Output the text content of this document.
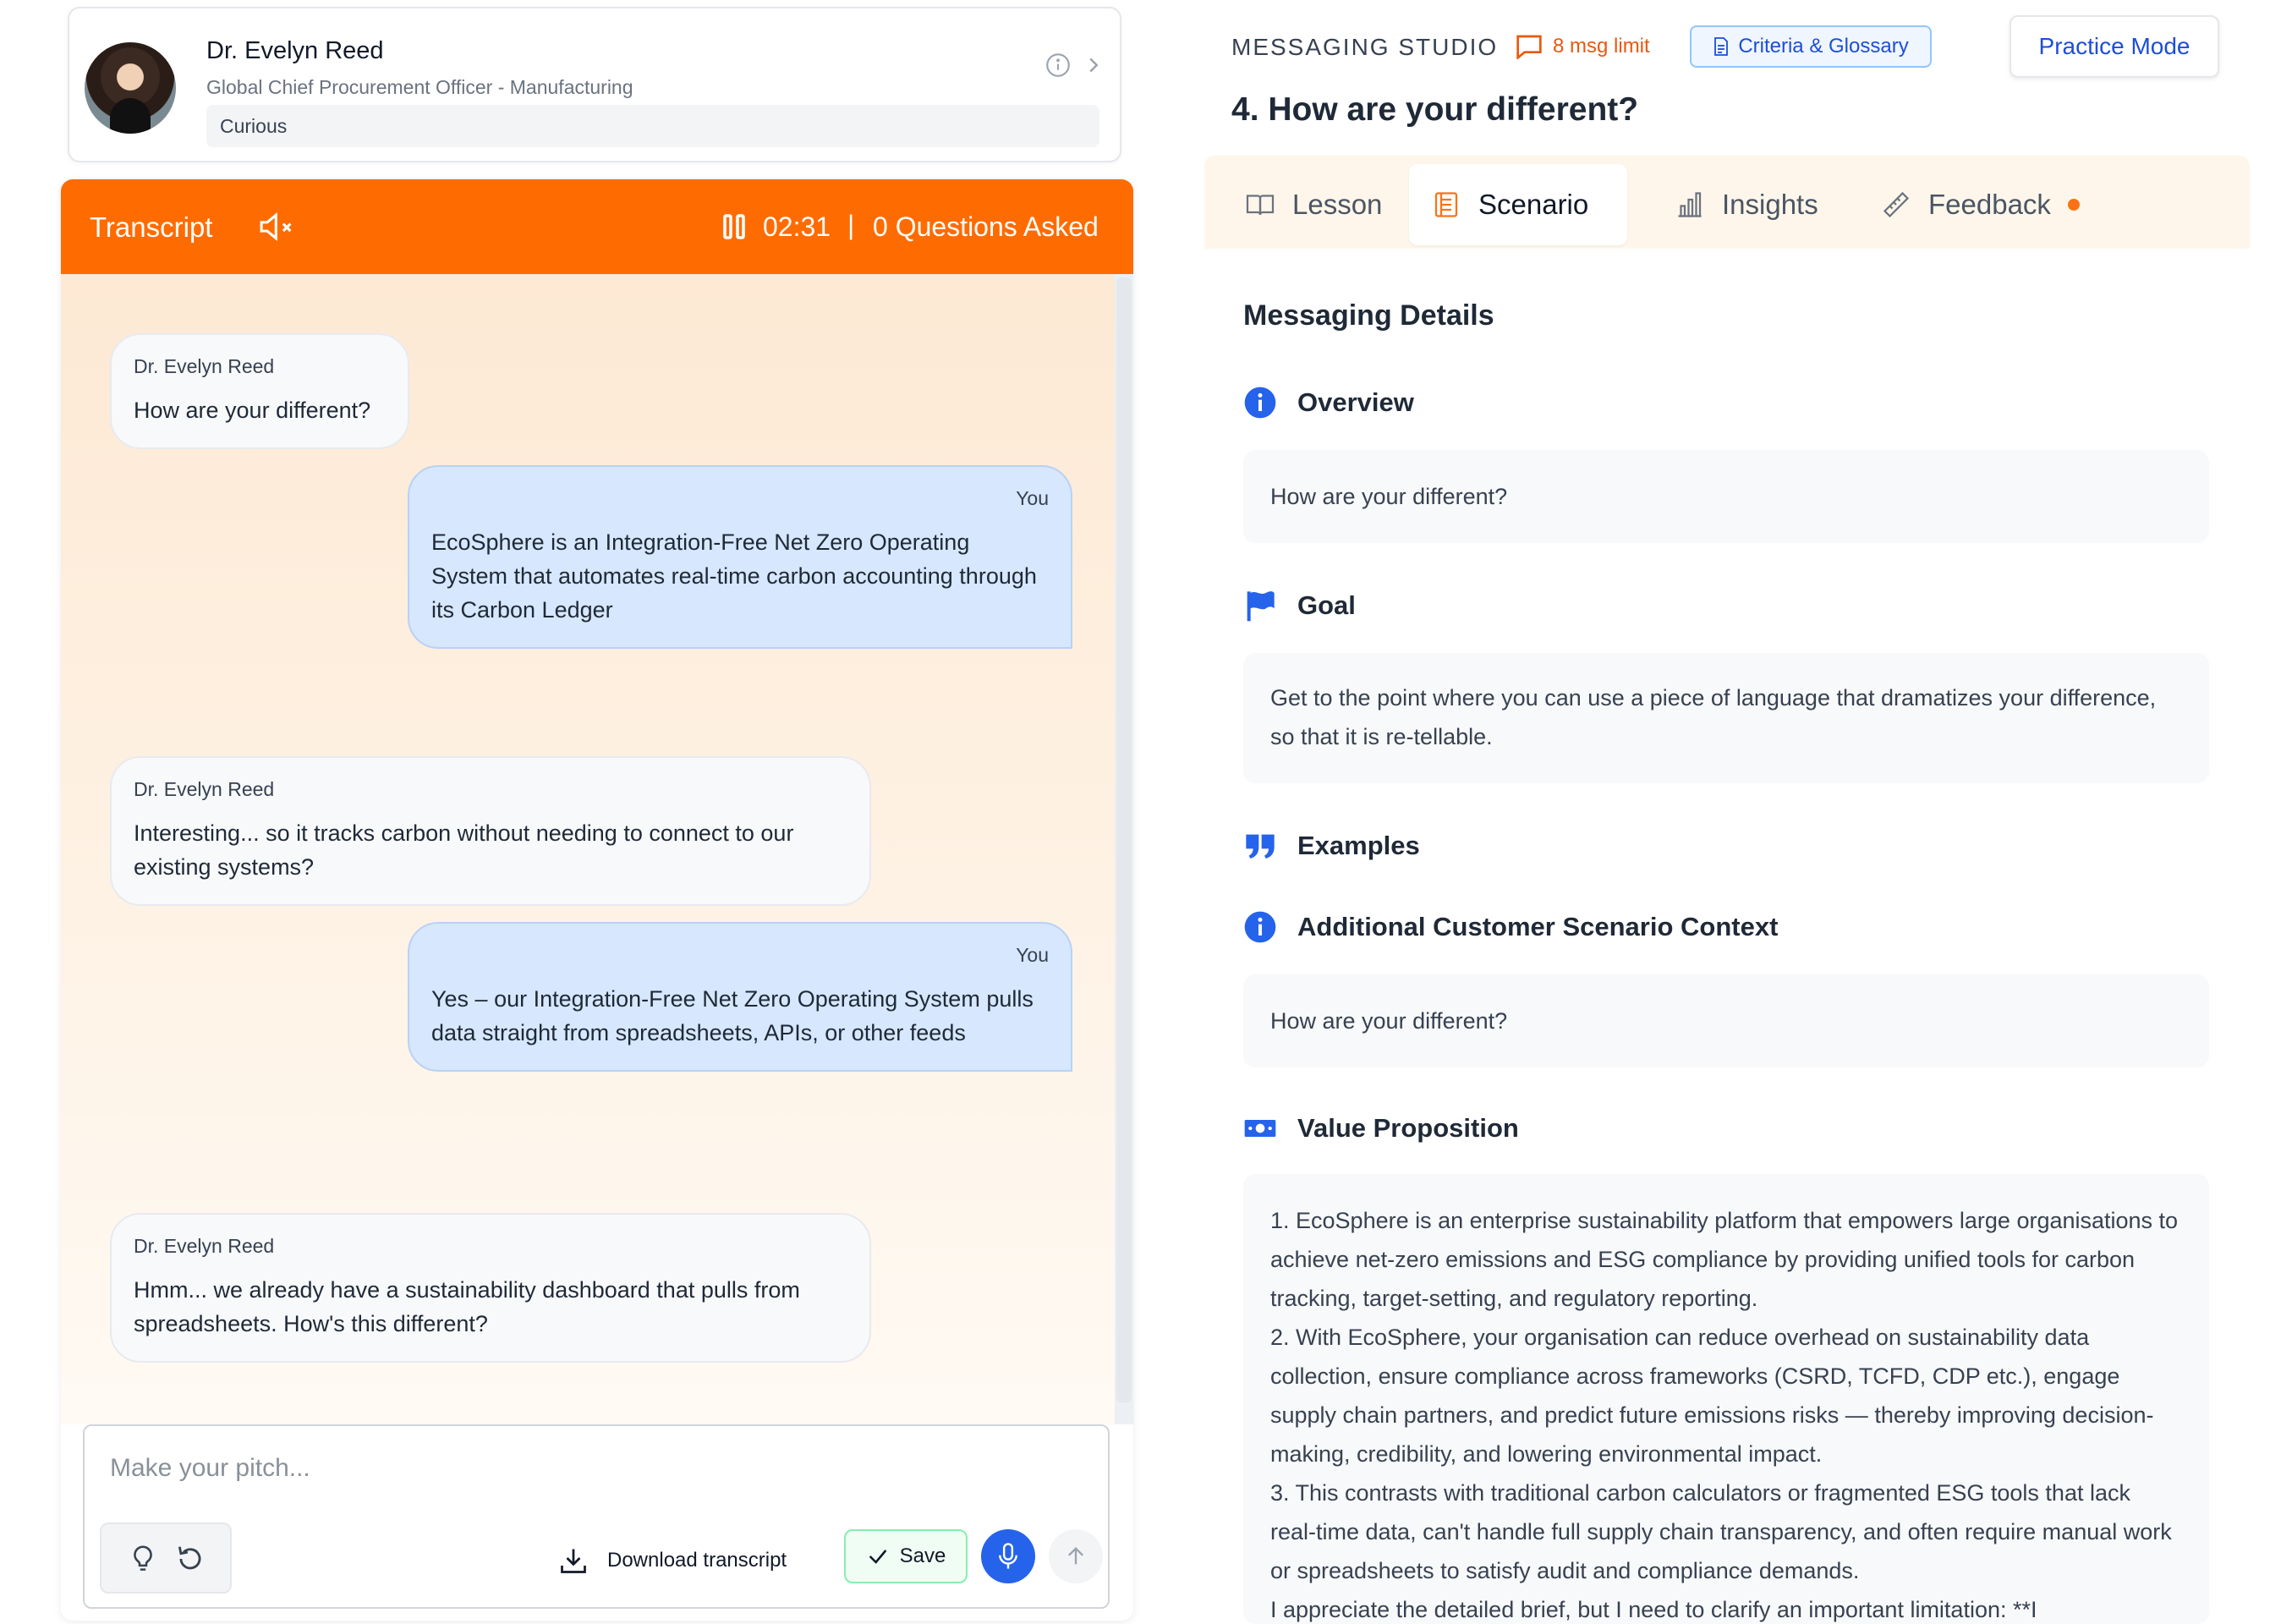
Dr. Evelyn Reed
Global Chief Procurement Officer - Manufacturing
Curious
Transcript	02:31 | 0 Questions Asked
Dr. Evelyn Reed
How are your different?
You
EcoSphere is an Integration-Free Net Zero Operating System that automates real-time carbon accounting through its Carbon Ledger
Dr. Evelyn Reed
Interesting... so it tracks carbon without needing to connect to our existing systems?
You
Yes – our Integration-Free Net Zero Operating System pulls data straight from spreadsheets, APIs, or other feeds
Dr. Evelyn Reed
Hmm... we already have a sustainability dashboard that pulls from spreadsheets. How's this different?
Make your pitch...
Download transcript	Save
MESSAGING STUDIO	8 msg limit	Criteria & Glossary	Practice Mode
4. How are your different?
Lesson	Scenario	Insights	Feedback
Messaging Details
Overview
How are your different?
Goal
Get to the point where you can use a piece of language that dramatizes your difference, so that it is re-tellable.
Examples
Additional Customer Scenario Context
How are your different?
Value Proposition

1. EcoSphere is an enterprise sustainability platform that empowers large organisations to achieve net-zero emissions and ESG compliance by providing unified tools for carbon tracking, target-setting, and regulatory reporting.

2. With EcoSphere, your organisation can reduce overhead on sustainability data collection, ensure compliance across frameworks (CSRD, TCFD, CDP etc.), engage supply chain partners, and predict future emissions risks — thereby improving decision-making, credibility, and lowering environmental impact.

3. This contrasts with traditional carbon calculators or fragmented ESG tools that lack real-time data, can't handle full supply chain transparency, and often require manual work or spreadsheets to satisfy audit and compliance demands.

I appreciate the detailed brief, but I need to clarify an important limitation: **I
